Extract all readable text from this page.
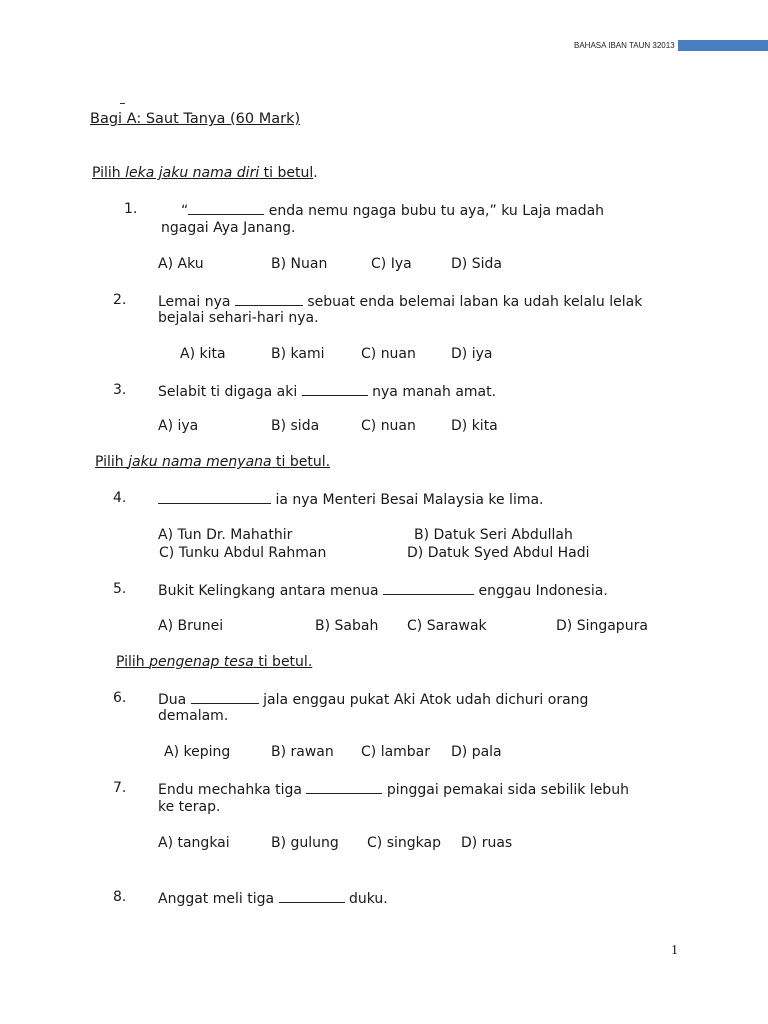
BAHASA IBAN TAUN 32013
Bagi A: Saut Tanya (60 Mark)
Pilih leka jaku nama diri ti betul.
1.	“	enda nemu ngaga bubu tu aya,” ku Laja madah
ngagai Aya Janang.
A) Aku	B) Nuan	C) Iya	D) Sida
2. Lemai nya	sebuat enda belemai laban ka udah kelalu lelak
bejalai sehari-hari nya.
A) kita	B) kami	C) nuan	D) iya
3. Selabit ti digaga aki	nya manah amat.
A) iya	B) sida	C) nuan	D) kita
Pilih jaku nama menyana ti betul.
4.	ia nya Menteri Besai Malaysia ke lima.
A) Tun Dr. Mahathir	B) Datuk Seri Abdullah
C) Tunku Abdul Rahman	D) Datuk Syed Abdul Hadi
5. Bukit Kelingkang antara menua	enggau Indonesia.
A) Brunei	B) Sabah C) Sarawak	D) Singapura
Pilih pengenap tesa ti betul.
6. Dua	jala enggau pukat Aki Atok udah dichuri orang
demalam.
A) keping	B) rawan C) lambar D) pala
7. Endu mechahka tiga	pinggai pemakai sida sebilik lebuh
ke terap.
A) tangkai	B) gulung C) singkap D) ruas
8. Anggat meli tiga	duku.
1
